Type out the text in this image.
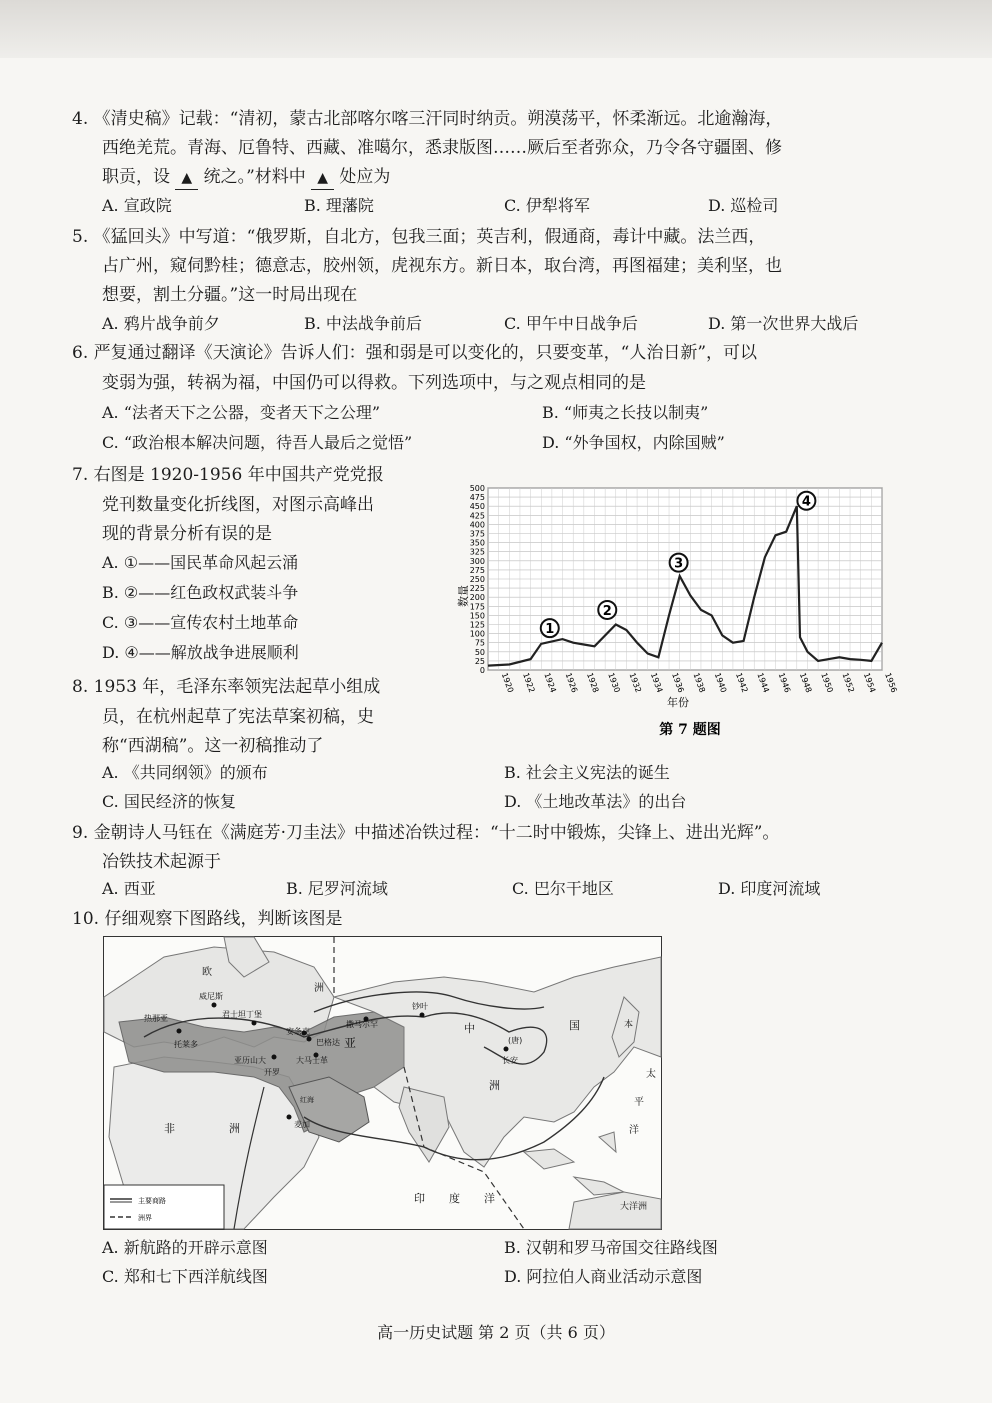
4. 《清史稿》记载：“清初，蒙古北部喀尔喀三汗同时纳贡。朔漠荡平，怀柔渐远。北逾瀚海，
西绝羌荒。青海、厄鲁特、西藏、准噶尔，悉隶版图……厥后至者弥众，乃令各守疆圉、修
职贡，设 ▲ 统之。”材料中 ▲ 处应为
A. 宣政院	B. 理藩院	C. 伊犁将军	D. 巡检司
5. 《猛回头》中写道：“俄罗斯，自北方，包我三面；英吉利，假通商，毒计中藏。法兰西，
占广州，窥伺黔桂；德意志，胶州领，虎视东方。新日本，取台湾，再图福建；美利坚，也
想要，割土分疆。”这一时局出现在
A. 鸦片战争前夕	B. 中法战争前后	C. 甲午中日战争后	D. 第一次世界大战后
6. 严复通过翻译《天演论》告诉人们：强和弱是可以变化的，只要变革，“人治日新”，可以
变弱为强，转祸为福，中国仍可以得救。下列选项中，与之观点相同的是
A. “法者天下之公器，变者天下之公理”	B. “师夷之长技以制夷”
C. “政治根本解决问题，待吾人最后之觉悟”	D. “外争国权，内除国贼”
7. 右图是 1920-1956 年中国共产党党报
党刊数量变化折线图，对图示高峰出
现的背景分析有误的是
A. ①——国民革命风起云涌
B. ②——红色政权武装斗争
C. ③——宣传农村土地革命
D. ④——解放战争进展顺利
0
25
50
75
100
125
150
175
200
225
250
275
300
325
350
375
400
425
450
475
500
1920 1922 1924 1926 1928 1930 1932 1934 1936 1938 1940 1942 1944 1946 1948 1950 1952 1954 1956
1
2
3
4
数量
年份
第 7 题图
8. 1953 年，毛泽东率领宪法起草小组成
员，在杭州起草了宪法草案初稿，史
称“西湖稿”。这一初稿推动了
A. 《共同纲领》的颁布	B. 社会主义宪法的诞生
C. 国民经济的恢复	D. 《土地改革法》的出台
9. 金朝诗人马钰在《满庭芳·刀圭法》中描述冶铁过程：“十二时中锻炼，尖锋上、进出光辉”。
冶铁技术起源于
A. 西亚	B. 尼罗河流域	C. 巴尔干地区	D. 印度河流域
10. 仔细观察下图路线，判断该图是
欧
洲
威尼斯
热那亚	君士坦丁堡
托莱多
亚历山大
开罗
安条克
巴格达
撒马尔罕
钞叶
大马士革
麦加
亚
洲
中	国
(唐)
长安
非	洲
印 度 洋
太
平
洋
本
大洋洲
红海
主要商路
洲界
A. 新航路的开辟示意图	B. 汉朝和罗马帝国交往路线图
C. 郑和七下西洋航线图	D. 阿拉伯人商业活动示意图
高一历史试题 第 2 页（共 6 页）
